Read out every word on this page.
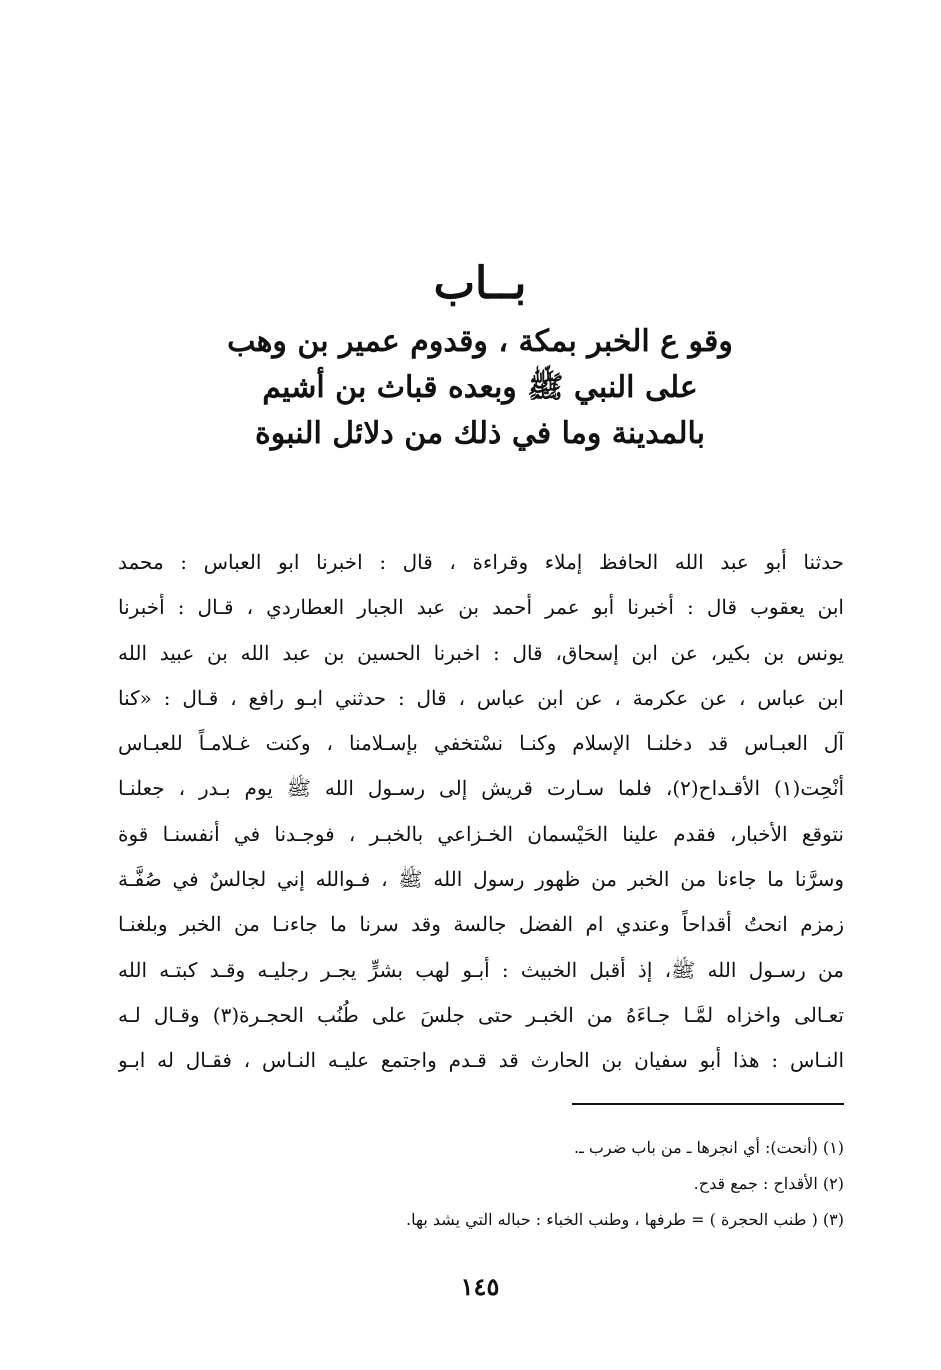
بــاب
وقو ع الخبر بمكة ، وقدوم عمير بن وهب
على النبي ﷺ وبعده قباث بن أشيم
بالمدينة وما في ذلك من دلائل النبوة
حدثنا أبو عبد الله الحافظ إملاء وقراءة ، قال : اخبرنا ابو العباس : محمد
ابن يعقوب قال : أخبرنا أبو عمر أحمد بن عبد الجبار العطاردي ، قـال : أخبرنا
يونس بن بكير، عن ابن إسحاق، قال : اخبرنا الحسين بن عبد الله بن عبيد الله
ابن عباس ، عن عكرمة ، عن ابن عباس ، قال : حدثني ابـو رافع ، قـال : «كنا
آل العبـاس قد دخلنـا الإسلام وكنـا نسْتخفي بإسـلامنا ، وكنت غـلامـاً للعبـاس
أنْحِت(١) الأقـداح(٢)، فلما سـارت قريش إلى رسـول الله ﷺ يوم بـدر ، جعلنـا
نتوقع الأخبار، فقدم علينا الحَيْسمان الخـزاعي بالخبـر ، فوجـدنا في أنفسنـا قوة
وسرَّنا ما جاءنا من الخبر من ظهور رسول الله ﷺ ، فـوالله إني لجالسٌ في صُفَّـة
زمزم انحتُ أقداحاً وعندي ام الفضل جالسة وقد سرنا ما جاءنـا من الخبر وبلغنـا
من رسـول الله ﷺ، إذ أقبل الخبيث : أبـو لهب بشرٍّ يجـر رجليـه وقـد كبتـه الله
تعـالى واخزاه لمَّـا جـاءَهُ من الخبـر حتى جلسَ على طُنُب الحجـرة(٣) وقـال لـه
النـاس : هذا أبو سفيان بن الحارث قد قـدم واجتمع عليـه النـاس ، فقـال له ابـو
(١) (أنحت): أي انجرها ـ من باب ضرب ـ.
(٢) الأقداح : جمع قدح.
(٣) ( طنب الحجرة ) = طرفها ، وطنب الخباء : حباله التي يشد بها.
١٤٥
